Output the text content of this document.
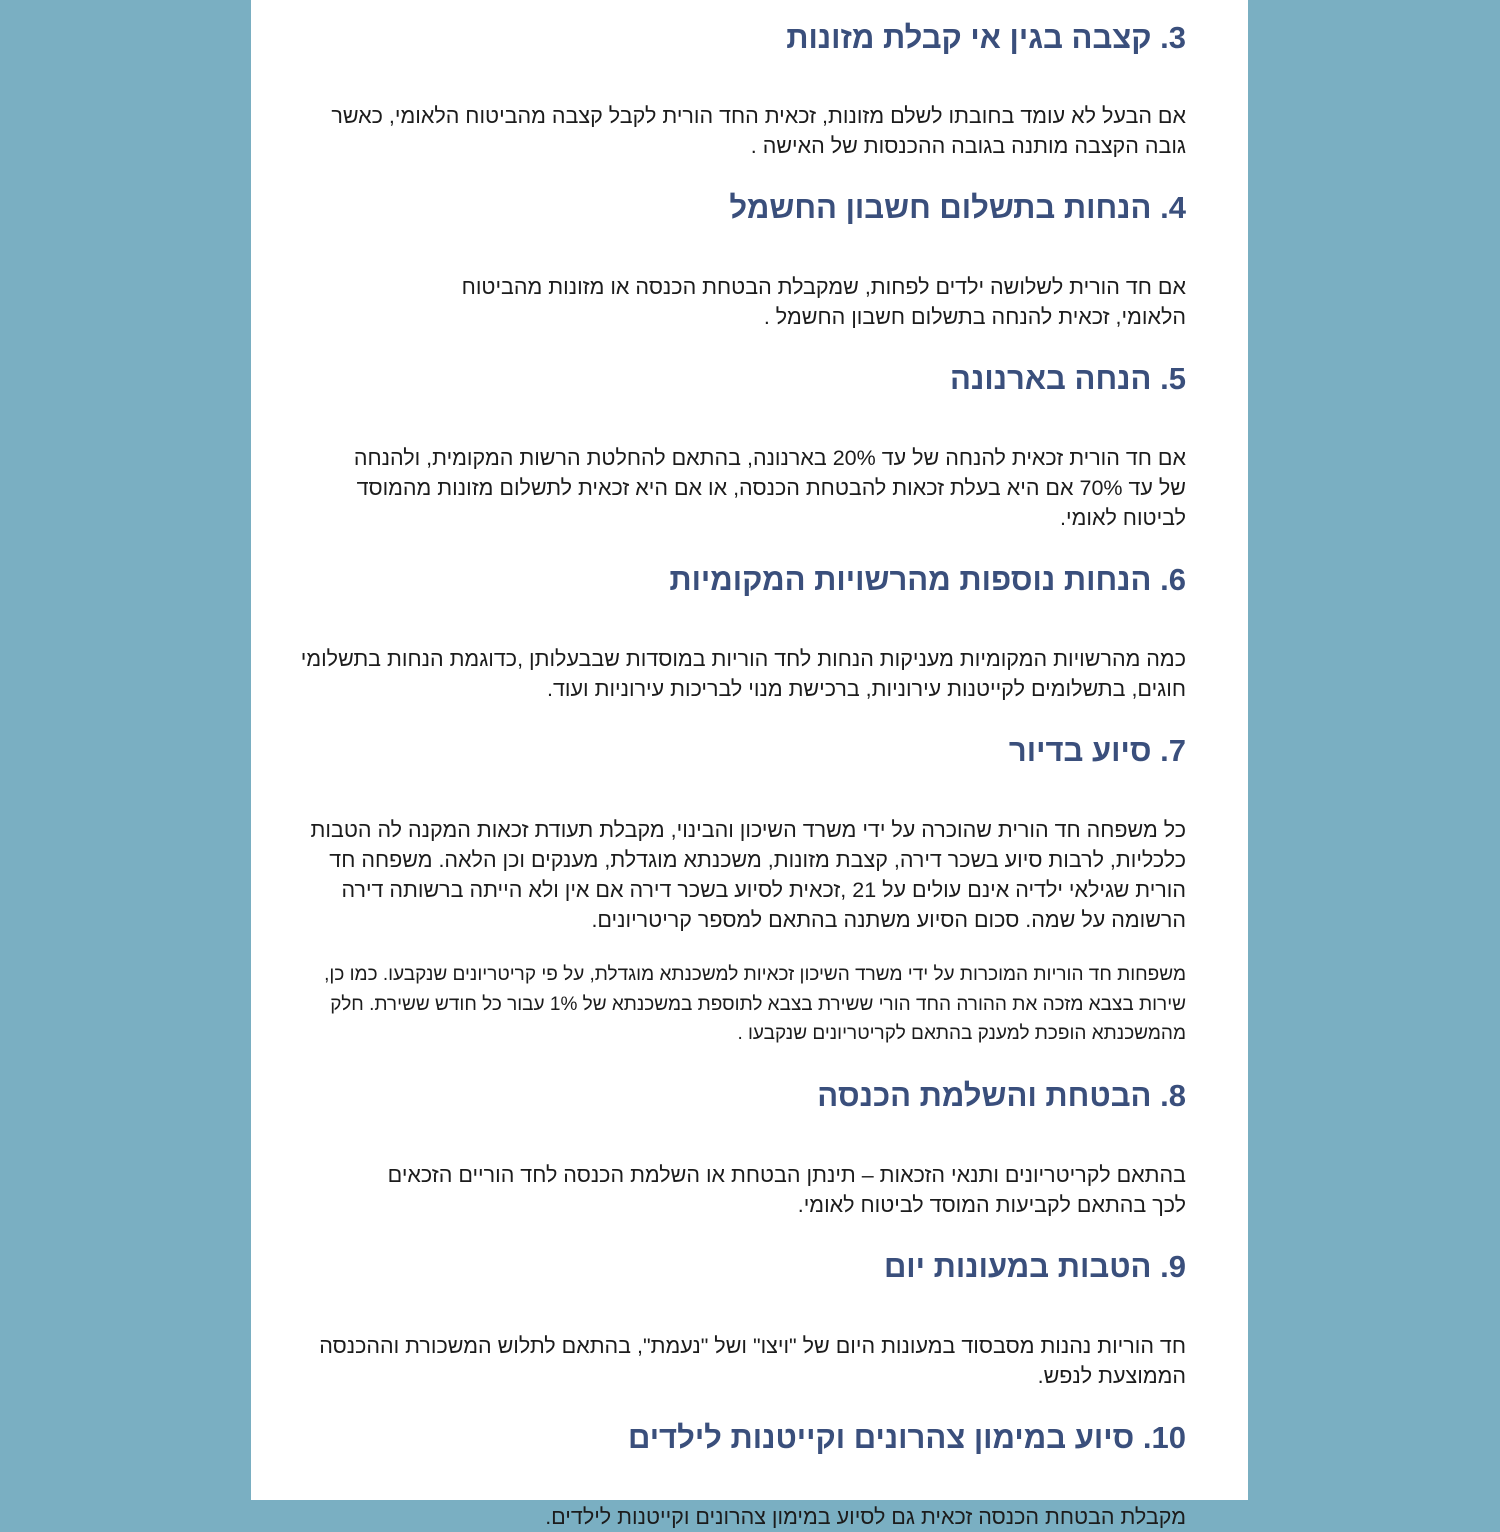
3. קצבה בגין אי קבלת מזונות

אם הבעל לא עומד בחובתו לשלם מזונות, זכאית החד הורית לקבל קצבה מהביטוח הלאומי, כאשר גובה הקצבה מותנה בגובה ההכנסות של האישה .

4. הנחות בתשלום חשבון החשמל

אם חד הורית לשלושה ילדים לפחות, שמקבלת הבטחת הכנסה או מזונות מהביטוח הלאומי, זכאית להנחה בתשלום חשבון החשמל .

5. הנחה בארנונה

אם חד הורית זכאית להנחה של עד 20% בארנונה, בהתאם להחלטת הרשות המקומית, ולהנחה של עד 70% אם היא בעלת זכאות להבטחת הכנסה, או אם היא זכאית לתשלום מזונות מהמוסד לביטוח לאומי.

6. הנחות נוספות מהרשויות המקומיות

כמה מהרשויות המקומיות מעניקות הנחות לחד הוריות במוסדות שבבעלותן ,כדוגמת הנחות בתשלומי חוגים, בתשלומים לקייטנות עירוניות, ברכישת מנוי לבריכות עירוניות ועוד.

7. סיוע בדיור

כל משפחה חד הורית שהוכרה על ידי משרד השיכון והבינוי, מקבלת תעודת זכאות המקנה לה הטבות כלכליות, לרבות סיוע בשכר דירה, קצבת מזונות, משכנתא מוגדלת, מענקים וכן הלאה. משפחה חד הורית שגילאי ילדיה אינם עולים על 21 ,זכאית לסיוע בשכר דירה אם אין ולא הייתה ברשותה דירה הרשומה על שמה. סכום הסיוע משתנה בהתאם למספר קריטריונים.

משפחות חד הוריות המוכרות על ידי משרד השיכון זכאיות למשכנתא מוגדלת, על פי קריטריונים שנקבעו. כמו כן, שירות בצבא מזכה את ההורה החד הורי ששירת בצבא לתוספת במשכנתא של 1% עבור כל חודש ששירת. חלק מהמשכנתא הופכת למענק בהתאם לקריטריונים שנקבעו .

8. הבטחת והשלמת הכנסה

בהתאם לקריטריונים ותנאי הזכאות – תינתן הבטחת או השלמת הכנסה לחד הוריים הזכאים לכך בהתאם לקביעות המוסד לביטוח לאומי.

9. הטבות במעונות יום

חד הוריות נהנות מסבסוד במעונות היום של "ויצו" ושל "נעמת", בהתאם לתלוש המשכורת וההכנסה הממוצעת לנפש.

10. סיוע במימון צהרונים וקייטנות לילדים

מקבלת הבטחת הכנסה זכאית גם לסיוע במימון צהרונים וקייטנות לילדים.
